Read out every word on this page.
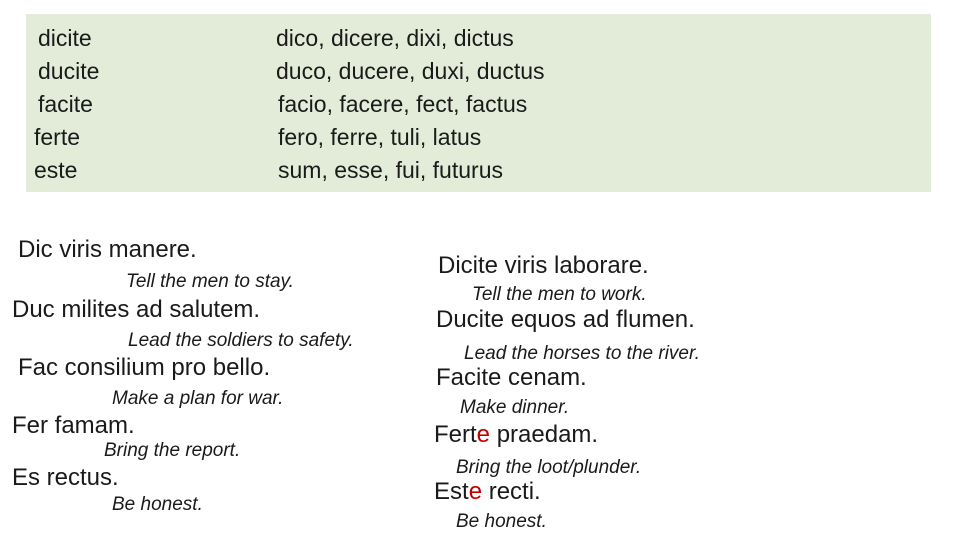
dicite
ducite
facite
ferte
este
dico, dicere, dixi, dictus
duco, ducere, duxi, ductus
facio, facere, fect, factus
fero, ferre, tuli, latus
sum, esse, fui, futurus
Dic viris manere.
Tell the men to stay.
Duc milites ad salutem.
Lead the soldiers to safety.
Fac consilium pro bello.
Make a plan for war.
Fer famam.
Bring the report.
Es rectus.
Be honest.
Dicite viris laborare.
Tell the men to work.
Ducite equos ad flumen.
Lead the horses to the river.
Facite cenam.
Make dinner.
Ferte praedam.
Bring the loot/plunder.
Este recti.
Be honest.
